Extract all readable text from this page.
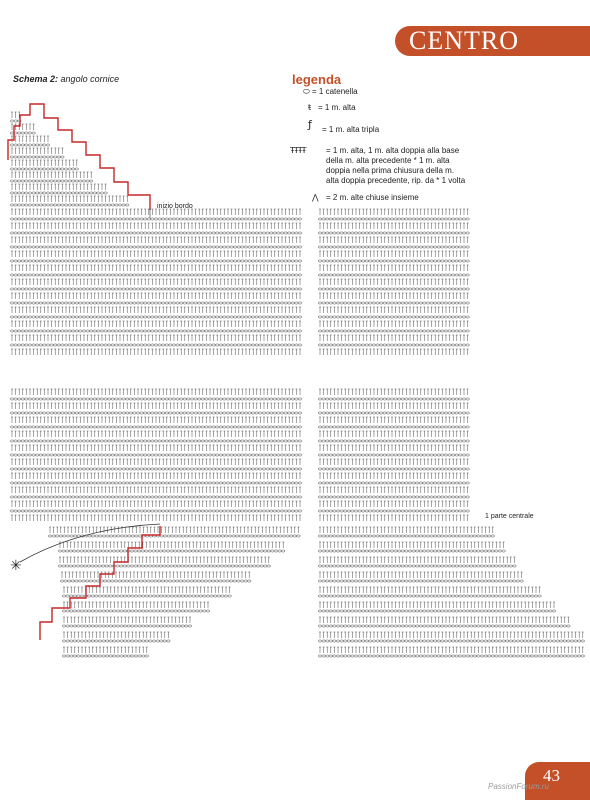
CENTRO
Schema 2: angolo cornice	legenda
⬭ = 1 catenella
ŧ = 1 m. alta
ƒ = 1 m. alta tripla
ŦŦŦŦ	= 1 m. alta, 1 m. alta doppia alla base della m. alta precedente * 1 m. alta doppia nella prima chiusura della m. alta doppia precedente, rip. da * 1 volta
⋀ = 2 m. alte chiuse insieme
✳
inizio bordo
1 parte centrale
43
PassionForum.ru
